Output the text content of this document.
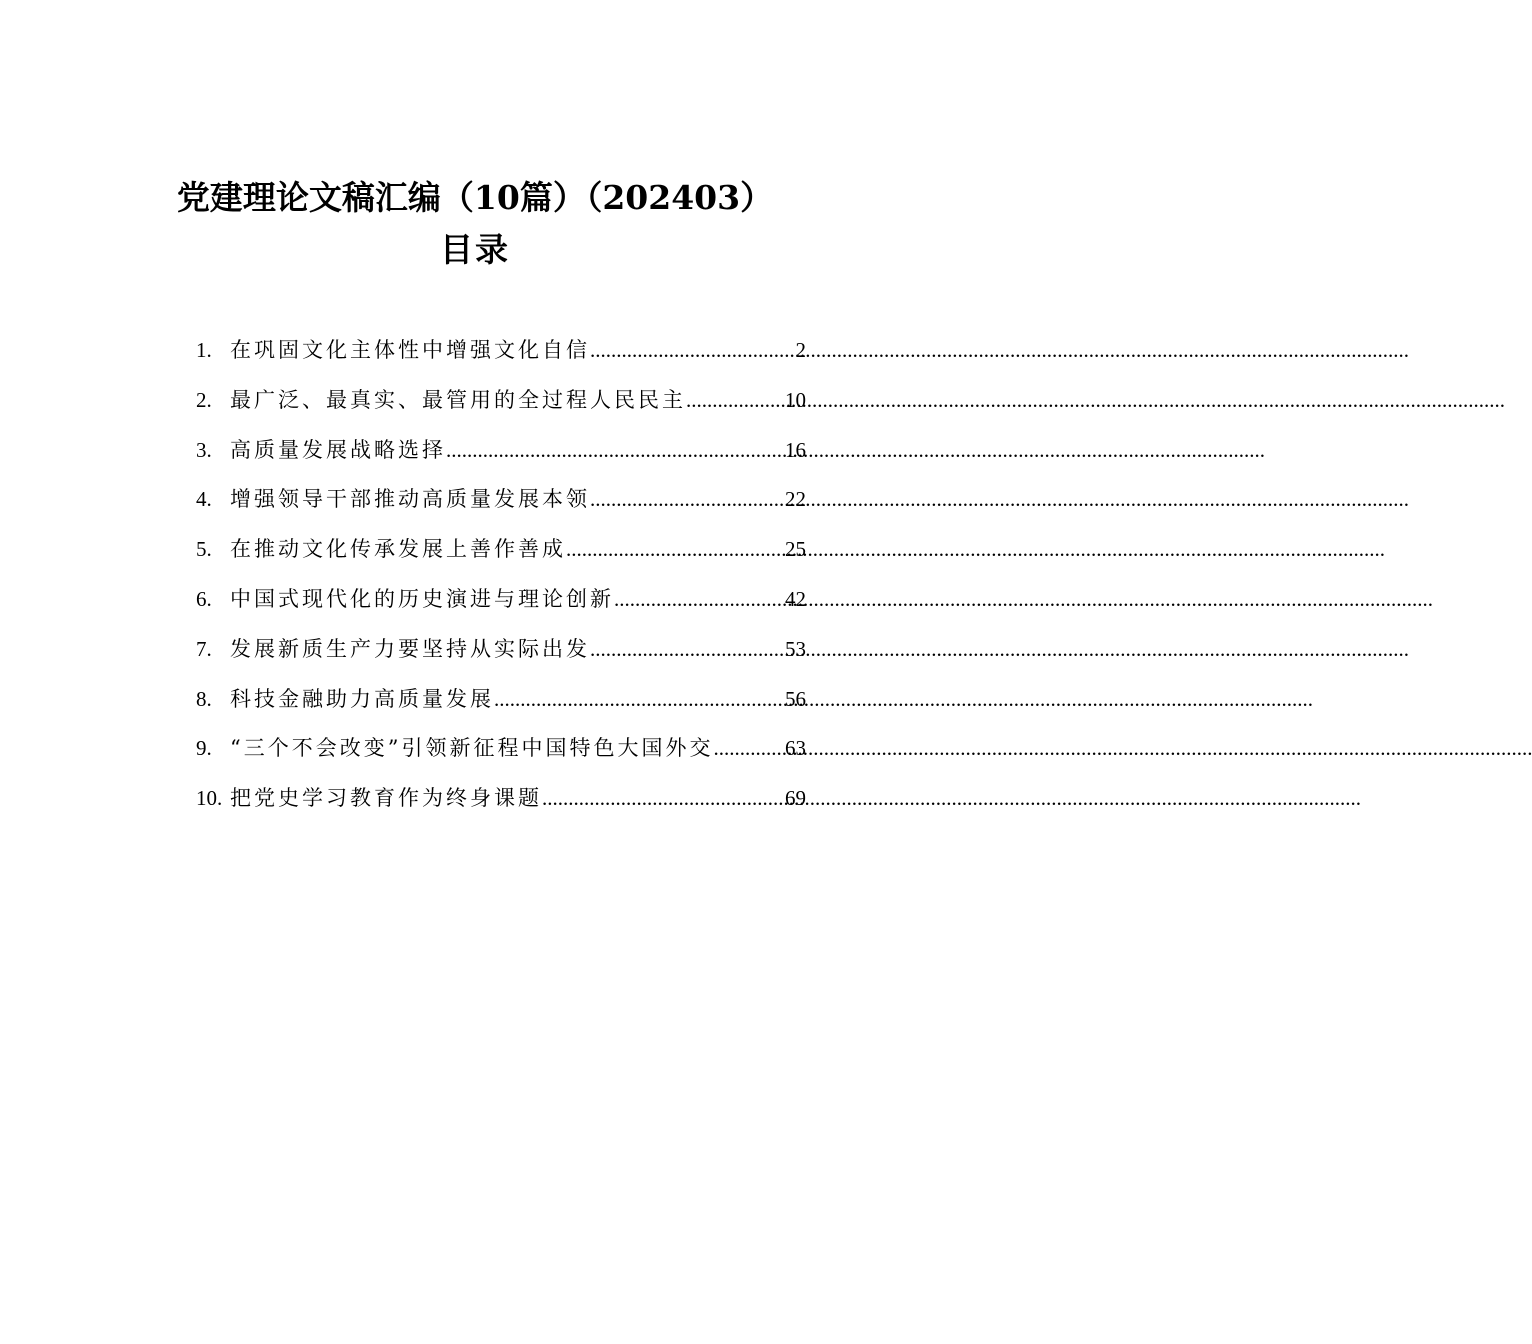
党建理论文稿汇编（10篇）（202403）
目录
1. 在巩固文化主体性中增强文化自信 .....	2
2. 最广泛、最真实、最管用的全过程人民民主 .....	10
3. 高质量发展战略选择 .....	16
4. 增强领导干部推动高质量发展本领 .....	22
5. 在推动文化传承发展上善作善成 .....	25
6. 中国式现代化的历史演进与理论创新 .....	42
7. 发展新质生产力要坚持从实际出发 .....	53
8. 科技金融助力高质量发展 .....	56
9. “三个不会改变”引领新征程中国特色大国外交 .....	63
10. 把党史学习教育作为终身课题 .....	69
